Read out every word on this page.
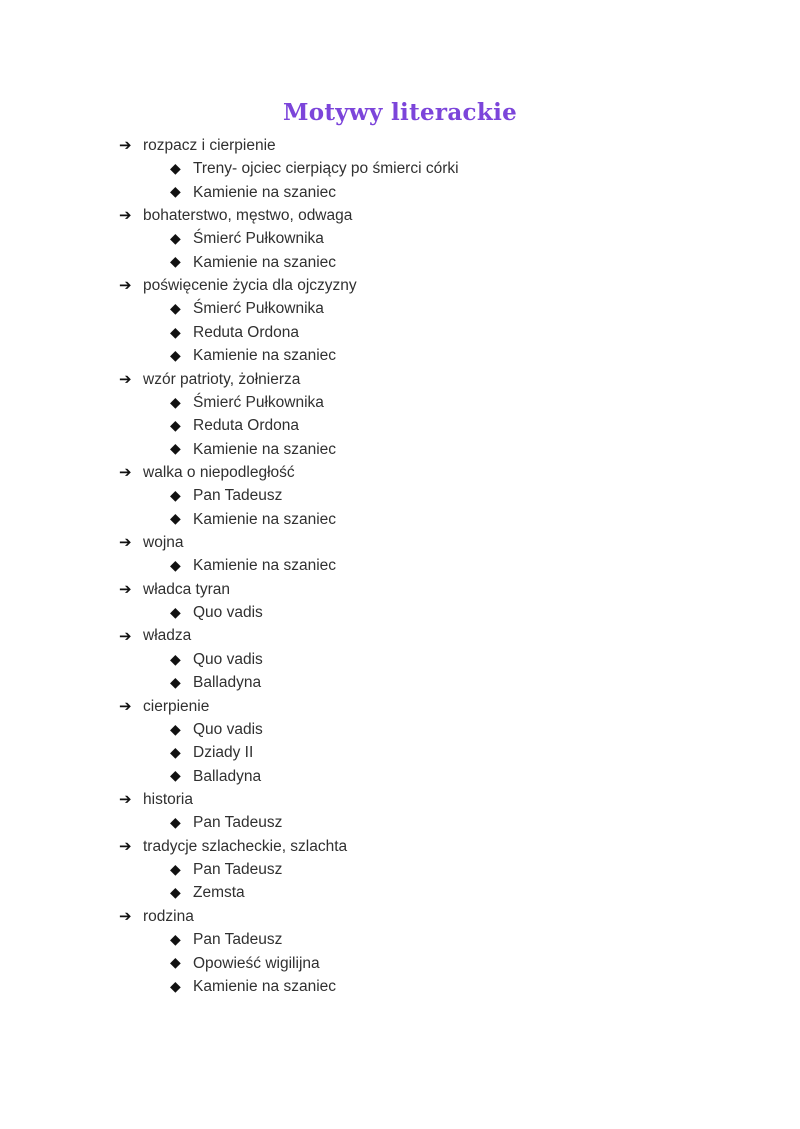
Motywy literackie
➔ rozpacz i cierpienie
◆ Treny- ojciec cierpiący po śmierci córki
◆ Kamienie na szaniec
➔ bohaterstwo, męstwo, odwaga
◆ Śmierć Pułkownika
◆ Kamienie na szaniec
➔ poświęcenie życia dla ojczyzny
◆ Śmierć Pułkownika
◆ Reduta Ordona
◆ Kamienie na szaniec
➔ wzór patrioty, żołnierza
◆ Śmierć Pułkownika
◆ Reduta Ordona
◆ Kamienie na szaniec
➔ walka o niepodległość
◆ Pan Tadeusz
◆ Kamienie na szaniec
➔ wojna
◆ Kamienie na szaniec
➔ władca tyran
◆ Quo vadis
➔ władza
◆ Quo vadis
◆ Balladyna
➔ cierpienie
◆ Quo vadis
◆ Dziady II
◆ Balladyna
➔ historia
◆ Pan Tadeusz
➔ tradycje szlacheckie, szlachta
◆ Pan Tadeusz
◆ Zemsta
➔ rodzina
◆ Pan Tadeusz
◆ Opowieść wigilijna
◆ Kamienie na szaniec
